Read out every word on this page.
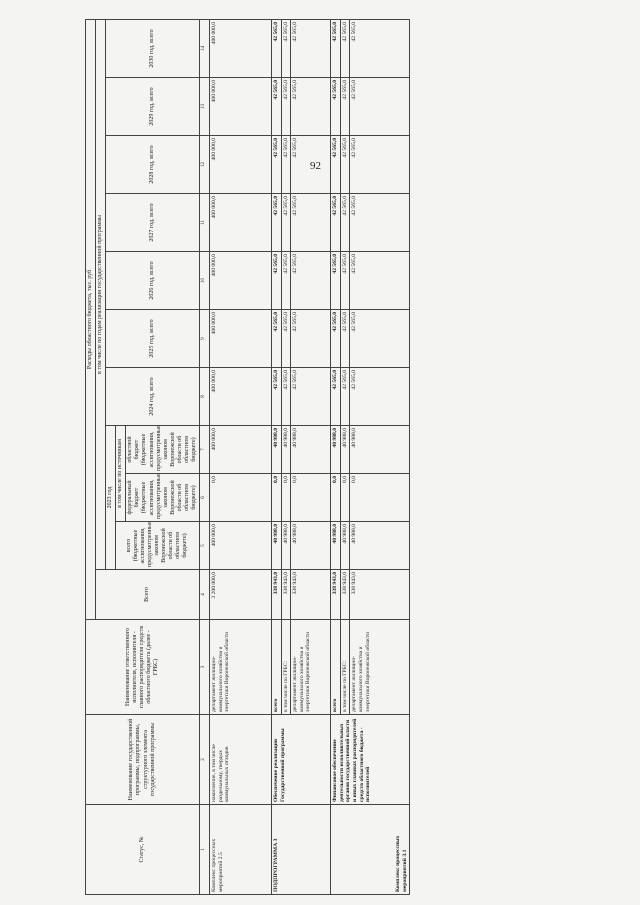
92
Статус, №	Наименование государственной программы, подпрограммы, структурного элемента государственной программы	Наименование ответственного исполнителя, исполнителя - главного распорядителя средств областного бюджета (далее - ГРБС)	Расходы областного бюджета, тыс. руб										
			Всего	в том числе по годам реализации государственной программы									
				2023 год			2024 год, всего	2025 год, всего	2026 год, всего	2027 год, всего	2028 год, всего	2029 год, всего	2030 год, всего
				всего (бюджетные ассигнования, предусмотренные законом Воронежской области об областном бюджете)	в том числе по источникам								
					федеральный бюджет (бюджетные ассигнования, предусмотренные законом Воронежской области об областном бюджете)	областной бюджет (бюджетные ассигнования, предусмотренные законом Воронежской области об областном бюджете)							
1	2	3	4	5	6	7	8	9	10	11	12	13	14
Комплекс процессных мероприятий 2.5	накопление, в том числе раздельному, твердых коммунальных отходов	департамент жилищно-коммунального хозяйства и энергетики Воронежской области	3 200 000,0	400 000,0	0,0	400 000,0	400 000,0	400 000,0	400 000,0	400 000,0	400 000,0	400 000,0	400 000,0
ПОДПРОГРАММА 3	Обеспечение реализации Государственной программы	всего	338 943,0	40 988,0	0,0	40 988,0	42 565,0	42 565,0	42 565,0	42 565,0	42 565,0	42 565,0	42 565,0
		в том числе по ГРБС:	338 943,0	40 988,0	0,0	40 988,0	42 565,0	42 565,0	42 565,0	42 565,0	42 565,0	42 565,0	42 565,0
		департамент жилищно-коммунального хозяйства и энергетики Воронежской области	338 943,0	40 988,0	0,0	40 988,0	42 565,0	42 565,0	42 565,0	42 565,0	42 565,0	42 565,0	42 565,0
Комплекс процессных мероприятий 3.1	Финансовое обеспечение деятельности исполнительных органов государственной власти и иных главных распорядителей средств областного бюджета - исполнителей	всего	338 943,0	40 988,0	0,0	40 988,0	42 565,0	42 565,0	42 565,0	42 565,0	42 565,0	42 565,0	42 565,0
		в том числе по ГРБС:	338 943,0	40 988,0	0,0	40 988,0	42 565,0	42 565,0	42 565,0	42 565,0	42 565,0	42 565,0	42 565,0
		департамент жилищно-коммунального хозяйства и энергетики Воронежской области	338 943,0	40 988,0	0,0	40 988,0	42 565,0	42 565,0	42 565,0	42 565,0	42 565,0	42 565,0	42 565,0
